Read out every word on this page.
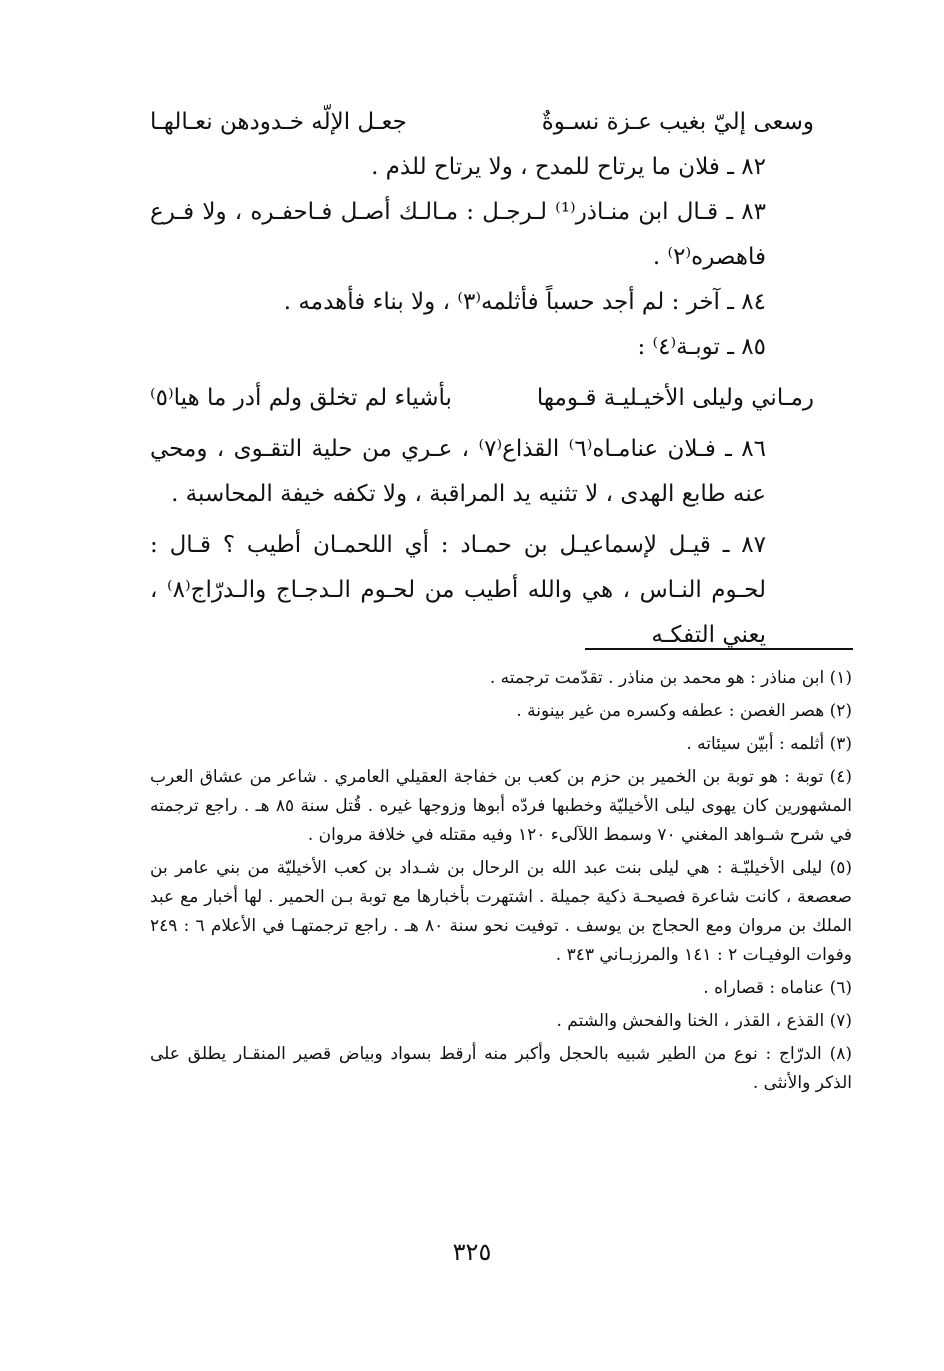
وسعى إليّ بغيب عـزة نسـوةٌ
جعـل الإلّه خـدودهن نعـالهـا

٨٢ ـ فلان ما يرتاح للمدح ، ولا يرتاح للذم .

٨٣ ـ قـال ابن منـاذر⁽¹⁾ لـرجـل : مـالـك أصـل فـاحفـره ، ولا فـرع فاهصره⁽٢⁾ .

٨٤ ـ آخر : لم أجد حسباً فأثلمه⁽٣⁾ ، ولا بناء فأهدمه .

٨٥ ـ توبـة⁽٤⁾ :

رمـاني وليلى الأخيـليـة قـومها
بأشياء لم تخلق ولم أدر ما هيا⁽٥⁾

٨٦ ـ فـلان عنامـاه⁽٦⁾ القذاع⁽٧⁾ ، عـري من حلية التقـوى ، ومحي عنه طابع الهدى ، لا تثنيه يد المراقبة ، ولا تكفه خيفة المحاسبة .

٨٧ ـ قيـل لإسماعيـل بن حمـاد : أي اللحمـان أطيب ؟ قـال : لحـوم النـاس ، هي والله أطيب من لحـوم الـدجـاج والـدرّاج⁽٨⁾ ، يعني التفكـه

(١) ابن مناذر : هو محمد بن مناذر . تقدّمت ترجمته .

(٢) هصر الغصن : عطفه وكسره من غير بينونة .

(٣) أثلمه : أبيّن سيئاته .

(٤) توبة : هو توبة بن الخمير بن حزم بن كعب بن خفاجة العقيلي العامري . شاعر من عشاق العرب المشهورين كان يهوى ليلى الأخيليّة وخطبها فردّه أبوها وزوجها غيره . قُتل سنة ٨٥ هـ . راجع ترجمته في شرح شـواهد المغني ٧٠ وسمط اللآلىء ١٢٠ وفيه مقتله في خلافة مروان .

(٥) ليلى الأخيليّـة : هي ليلى بنت عبد الله بن الرحال بن شـداد بن كعب الأخيليّة من بني عامر بن صعصعة ، كانت شاعرة فصيحـة ذكية جميلة . اشتهرت بأخبارها مع توبة بـن الحمير . لها أخبار مع عبد الملك بن مروان ومع الحجاج بن يوسف . توفيت نحو سنة ٨٠ هـ . راجع ترجمتهـا في الأعلام ٦ : ٢٤٩ وفوات الوفيـات ٢ : ١٤١ والمرزبـاني ٣٤٣ .

(٦) عناماه : قصاراه .

(٧) القذع ، القذر ، الخنا والفحش والشتم .

(٨) الدرّاج : نوع من الطير شبيه بالحجل وأكبر منه أرقط بسواد وبياض قصير المنقـار يطلق على الذكر والأنثى .

٣٢٥
